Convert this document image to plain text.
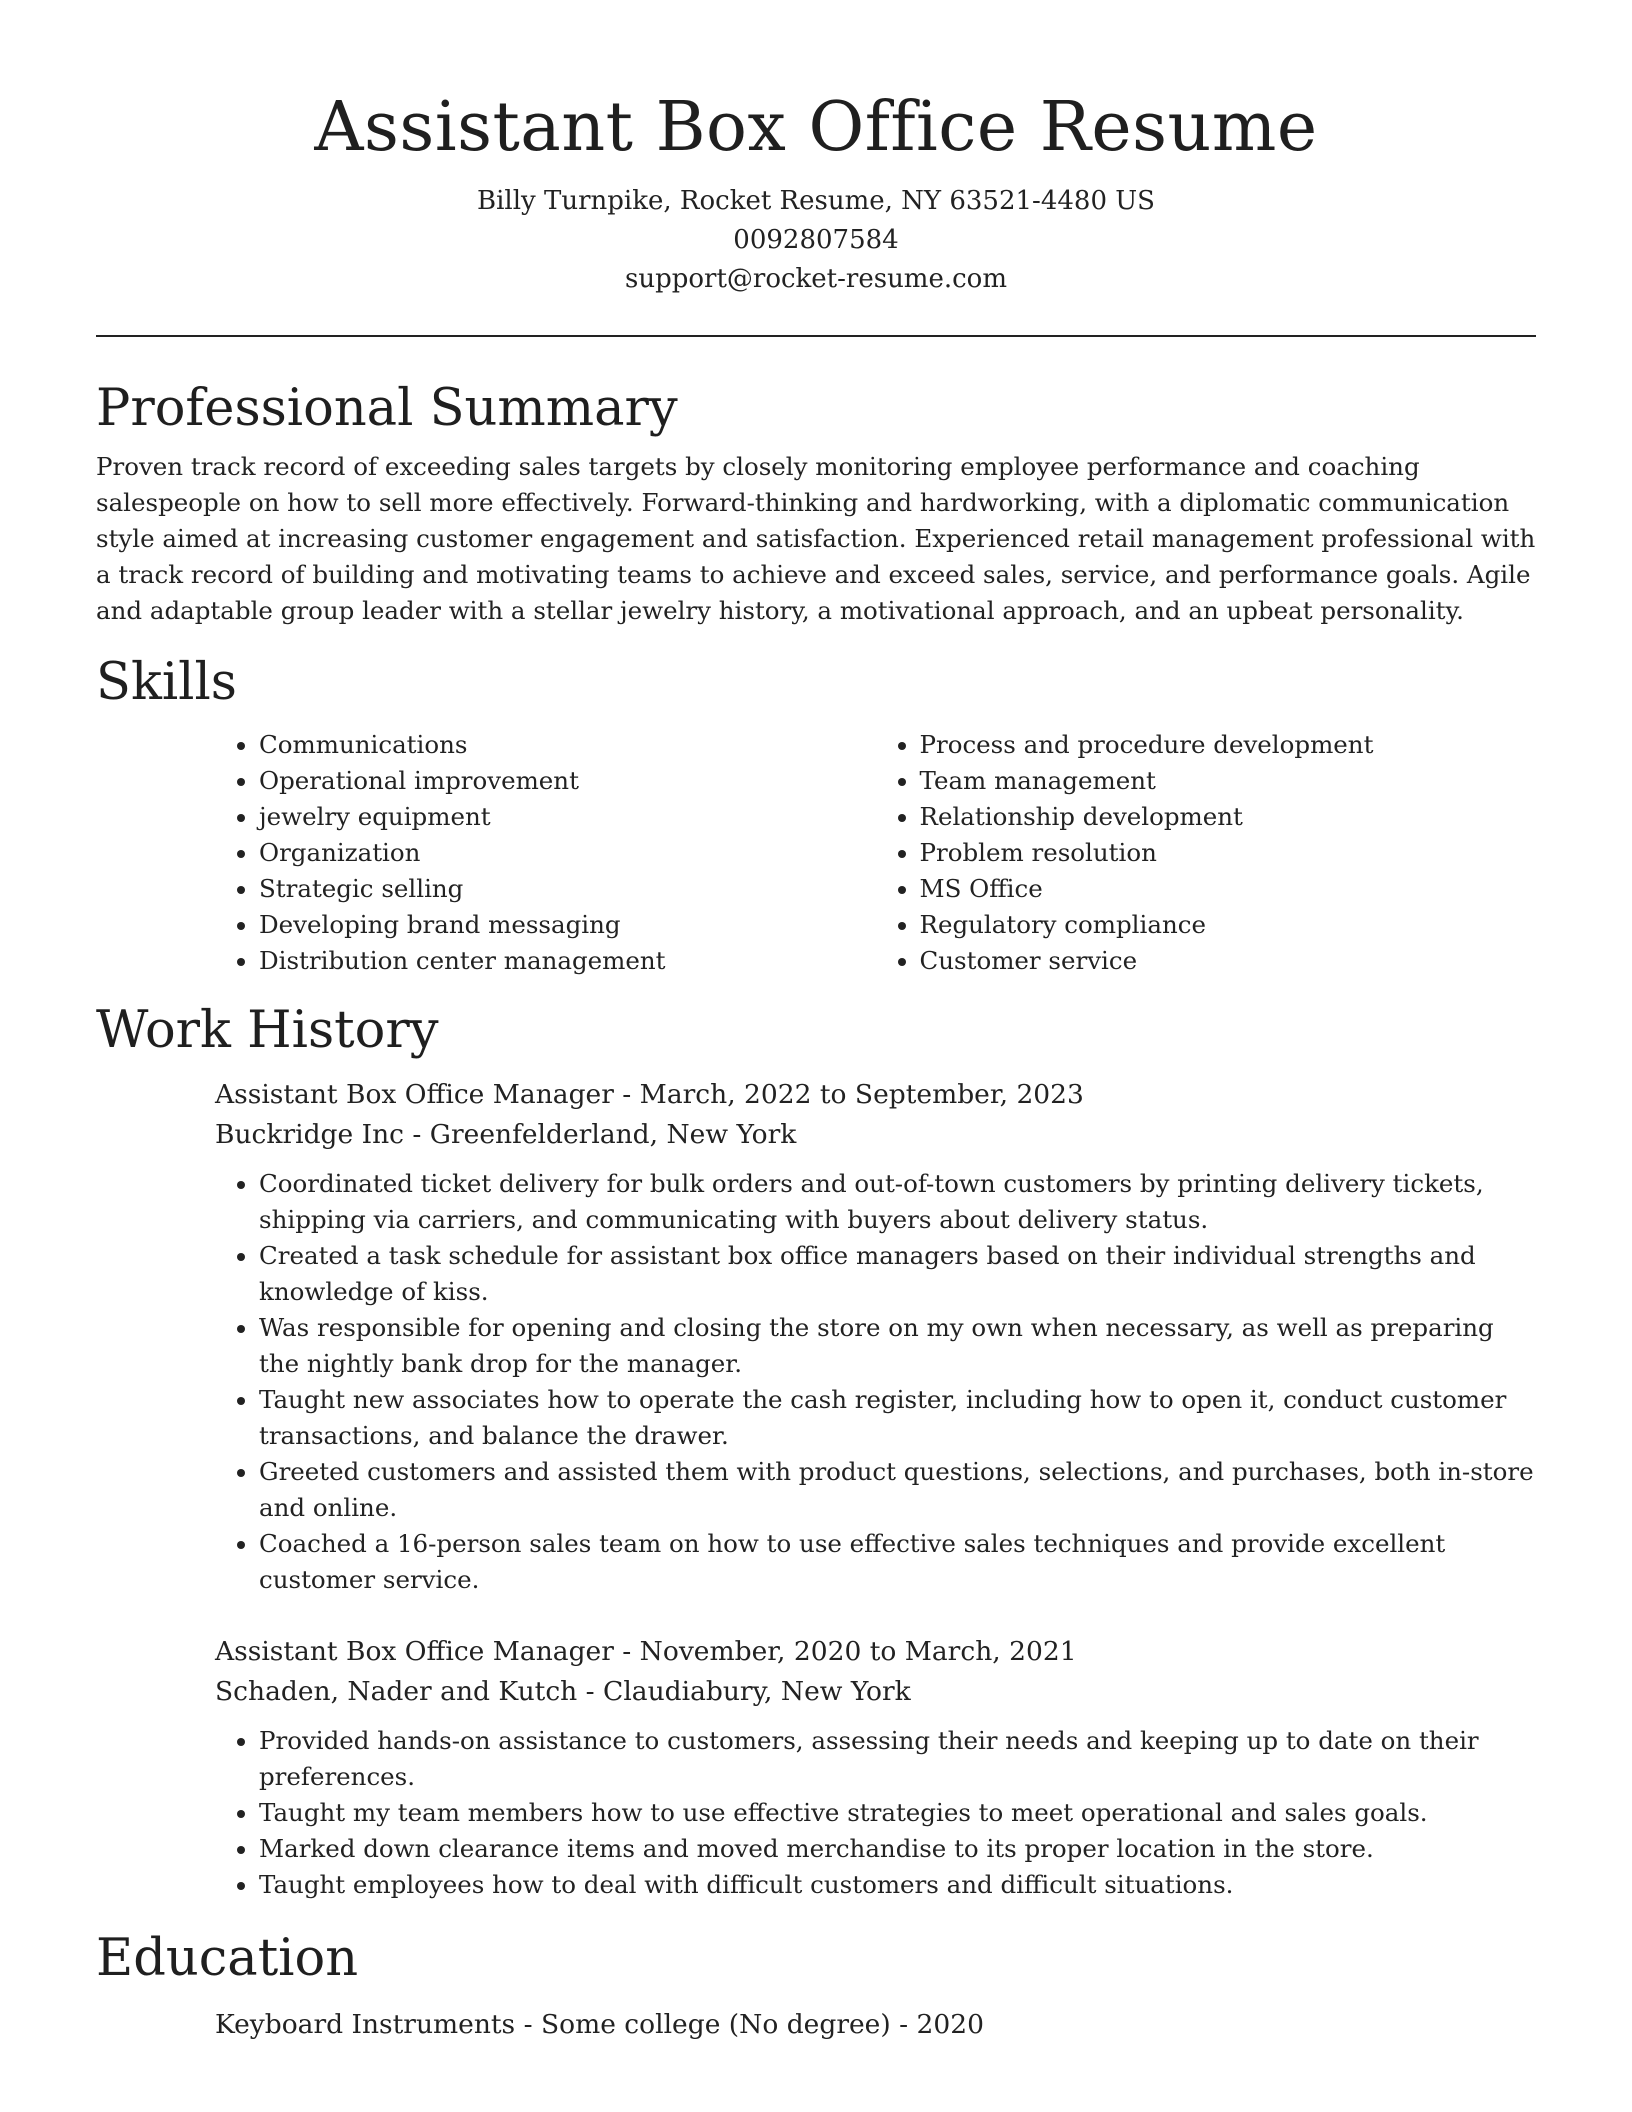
Assistant Box Office Resume
Billy Turnpike, Rocket Resume, NY 63521-4480 US
0092807584
support@rocket-resume.com
Professional Summary

Proven track record of exceeding sales targets by closely monitoring employee performance and coaching salespeople on how to sell more effectively. Forward-thinking and hardworking, with a diplomatic communication style aimed at increasing customer engagement and satisfaction. Experienced retail management professional with a track record of building and motivating teams to achieve and exceed sales, service, and performance goals. Agile and adaptable group leader with a stellar jewelry history, a motivational approach, and an upbeat personality.

Skills
• Communications
• Operational improvement
• jewelry equipment
• Organization
• Strategic selling
• Developing brand messaging
• Distribution center management
• Process and procedure development
• Team management
• Relationship development
• Problem resolution
• MS Office
• Regulatory compliance
• Customer service
Work History
Assistant Box Office Manager - March, 2022 to September, 2023
Buckridge Inc - Greenfelderland, New York
• Coordinated ticket delivery for bulk orders and out-of-town customers by printing delivery tickets, shipping via carriers, and communicating with buyers about delivery status.
• Created a task schedule for assistant box office managers based on their individual strengths and knowledge of kiss.
• Was responsible for opening and closing the store on my own when necessary, as well as preparing the nightly bank drop for the manager.
• Taught new associates how to operate the cash register, including how to open it, conduct customer transactions, and balance the drawer.
• Greeted customers and assisted them with product questions, selections, and purchases, both in-store and online.
• Coached a 16-person sales team on how to use effective sales techniques and provide excellent customer service.
Assistant Box Office Manager - November, 2020 to March, 2021
Schaden, Nader and Kutch - Claudiabury, New York
• Provided hands-on assistance to customers, assessing their needs and keeping up to date on their preferences.
• Taught my team members how to use effective strategies to meet operational and sales goals.
• Marked down clearance items and moved merchandise to its proper location in the store.
• Taught employees how to deal with difficult customers and difficult situations.
Education
Keyboard Instruments - Some college (No degree) - 2020
